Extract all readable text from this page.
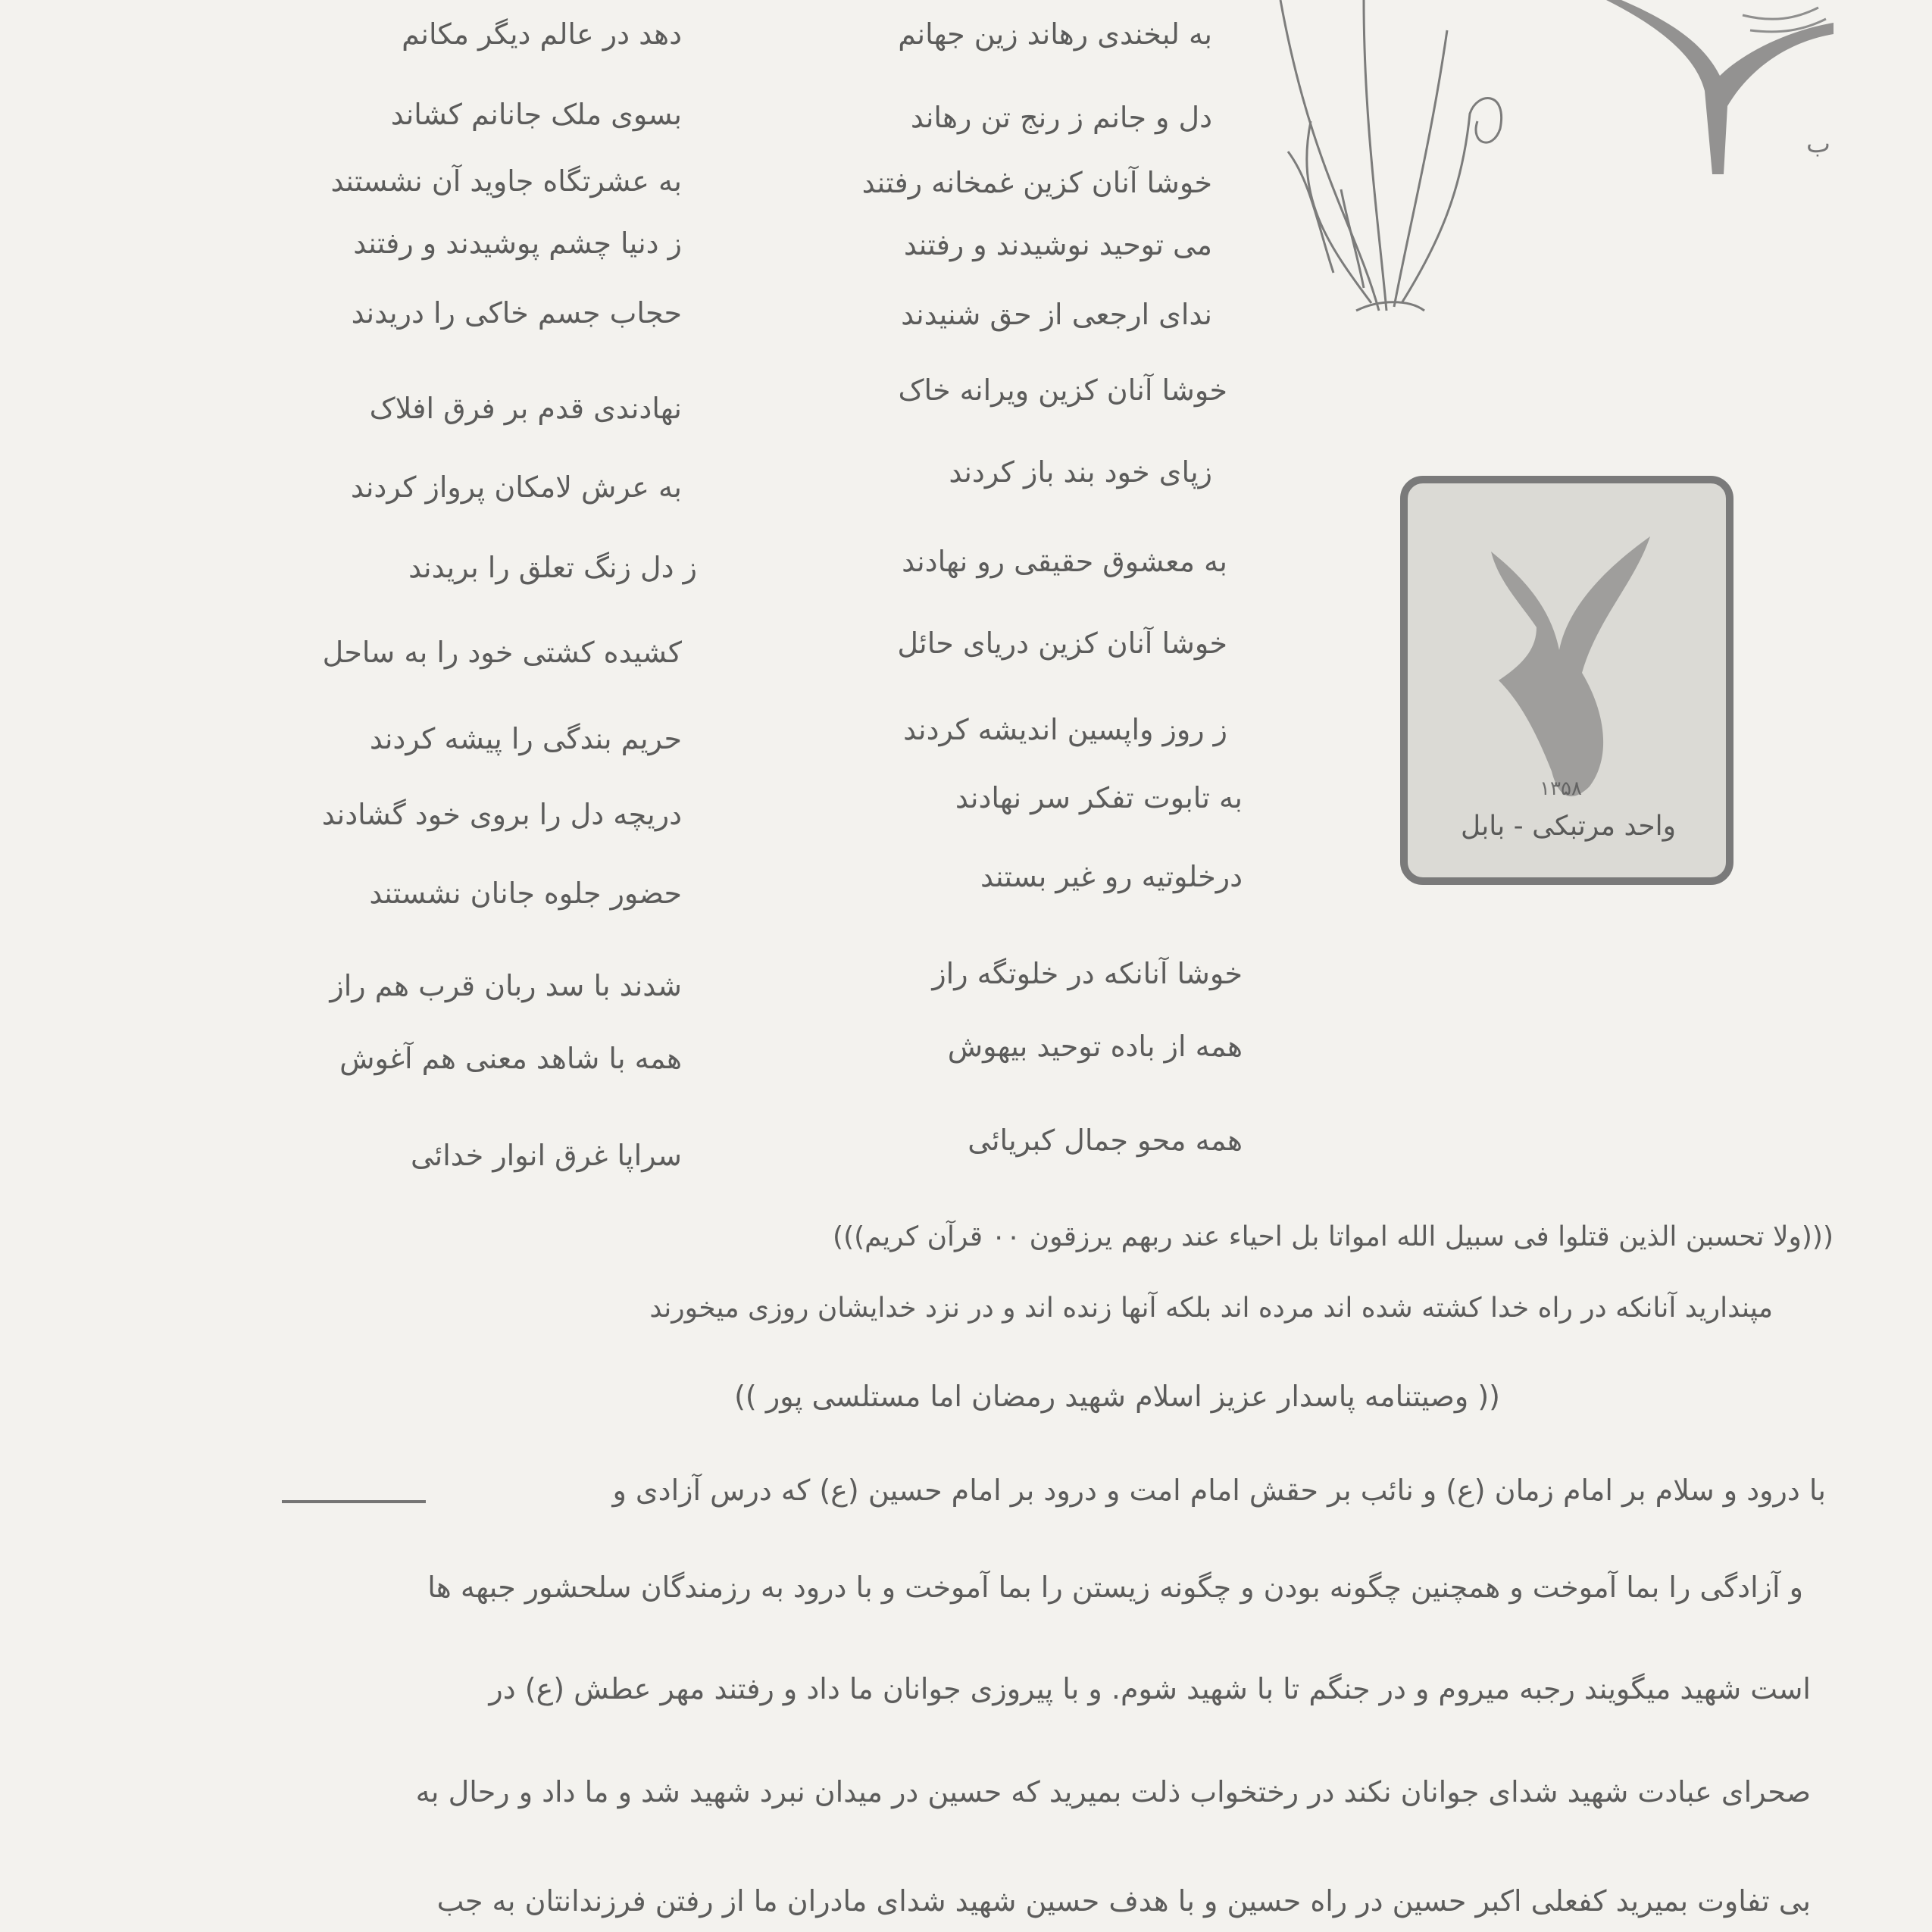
ب
به لبخندی رهاند زین جهانم
دهد در عالم دیگر مکانم
دل و جانم ز رنج تن رهاند
بسوی ملک جانانم کشاند
خوشا آنان کزین غمخانه رفتند
به عشرتگاه جاوید آن نشستند
می توحید نوشیدند و رفتند
ز دنیا چشم پوشیدند و رفتند
ندای ارجعی از حق شنیدند
حجاب جسم خاکی را دریدند
خوشا آنان کزین ویرانه خاک
نهادندی قدم بر فرق افلاک
زپای خود بند باز کردند
به عرش لامکان پرواز کردند
به معشوق حقیقی رو نهادند
ز دل زنگ تعلق را بریدند
خوشا آنان کزین دریای حائل
کشیده کشتی خود را به ساحل
ز روز واپسین اندیشه کردند
حریم بندگی را پیشه کردند
به تابوت تفکر سر نهادند
دریچه دل را بروی خود گشادند
درخلوتیه رو غیر بستند
حضور جلوه جانان نشستند
خوشا آنانکه در خلوتگه راز
شدند با سد ربان قرب هم راز
همه از باده توحید بیهوش
همه با شاهد معنی هم آغوش
همه محو جمال کبریائی
سراپا غرق انوار خدائی
۱۳۵۸
واحد مرتبکی - بابل
(((ولا تحسبن الذین قتلوا فی سبیل الله امواتا بل احیاء عند ربهم یرزقون ۰۰ قرآن کریم)))
مپندارید آنانکه در راه خدا کشته شده اند مرده اند بلکه آنها زنده اند و در نزد خدایشان روزی میخورند
(( وصیتنامه پاسدار عزیز اسلام شهید رمضان اما مستلسی پور ))
با درود و سلام بر امام زمان (ع) و نائب بر حقش امام امت و درود بر امام حسین (ع) که درس آزادی و
و آزادگی را بما آموخت و همچنین چگونه بودن و چگونه زیستن را بما آموخت و با درود به رزمندگان سلحشور جبهه ها
است شهید میگویند رجبه میروم و در جنگم تا با شهید شوم. و با پیروزی جوانان ما داد و رفتند مهر عطش (ع) در
صحرای عبادت شهید شدای جوانان نکند در رختخواب ذلت بمیرید که حسین در میدان نبرد شهید شد و ما داد و رحال به
بی تفاوت بمیرید کفعلی اکبر حسین در راه حسین و با هدف حسین شهید شدای مادران ما از رفتن فرزندانتان به جب
